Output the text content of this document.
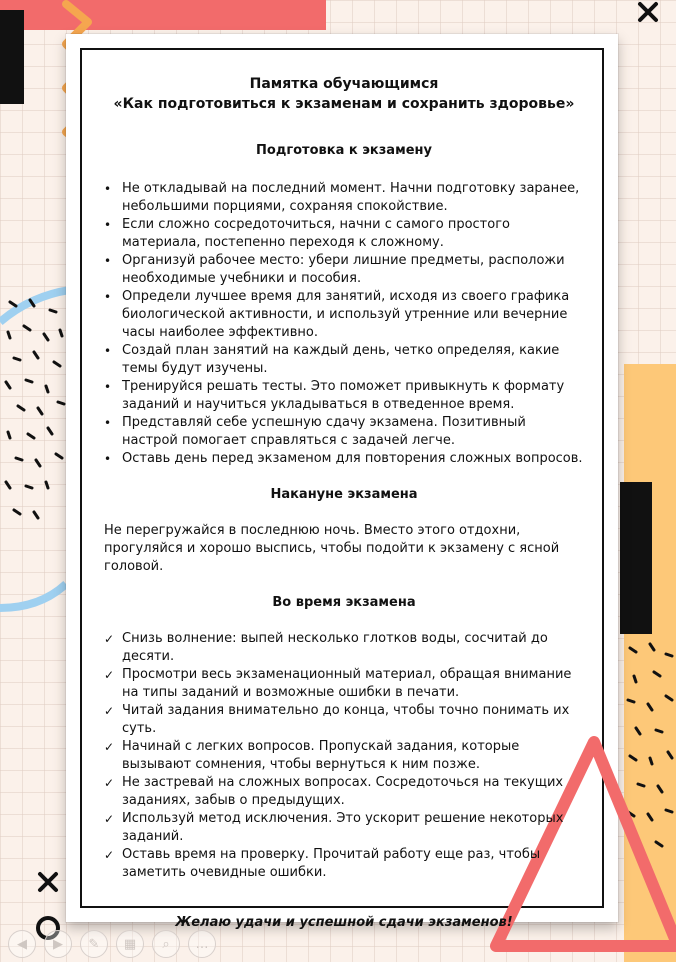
Памятка обучающимся
«Как подготовиться к экзаменам и сохранить здоровье»
Подготовка к экзамену
• Не откладывай на последний момент. Начни подготовку заранее, небольшими порциями, сохраняя спокойствие.
• Если сложно сосредоточиться, начни с самого простого материала, постепенно переходя к сложному.
• Организуй рабочее место: убери лишние предметы, расположи необходимые учебники и пособия.
• Определи лучшее время для занятий, исходя из своего графика биологической активности, и используй утренние или вечерние часы наиболее эффективно.
• Создай план занятий на каждый день, четко определяя, какие темы будут изучены.
• Тренируйся решать тесты. Это поможет привыкнуть к формату заданий и научиться укладываться в отведенное время.
• Представляй себе успешную сдачу экзамена. Позитивный настрой помогает справляться с задачей легче.
• Оставь день перед экзаменом для повторения сложных вопросов.
Накануне экзамена
Не перегружайся в последнюю ночь. Вместо этого отдохни, прогуляйся и хорошо выспись, чтобы подойти к экзамену с ясной головой.
Во время экзамена
✓ Снизь волнение: выпей несколько глотков воды, сосчитай до десяти.
✓ Просмотри весь экзаменационный материал, обращая внимание на типы заданий и возможные ошибки в печати.
✓ Читай задания внимательно до конца, чтобы точно понимать их суть.
✓ Начинай с легких вопросов. Пропускай задания, которые вызывают сомнения, чтобы вернуться к ним позже.
✓ Не застревай на сложных вопросах. Сосредоточься на текущих заданиях, забыв о предыдущих.
✓ Используй метод исключения. Это ускорит решение некоторых заданий.
✓ Оставь время на проверку. Прочитай работу еще раз, чтобы заметить очевидные ошибки.
Желаю удачи и успешной сдачи экзаменов!
◀ ▶ ✎ ▦ ⌕ …
